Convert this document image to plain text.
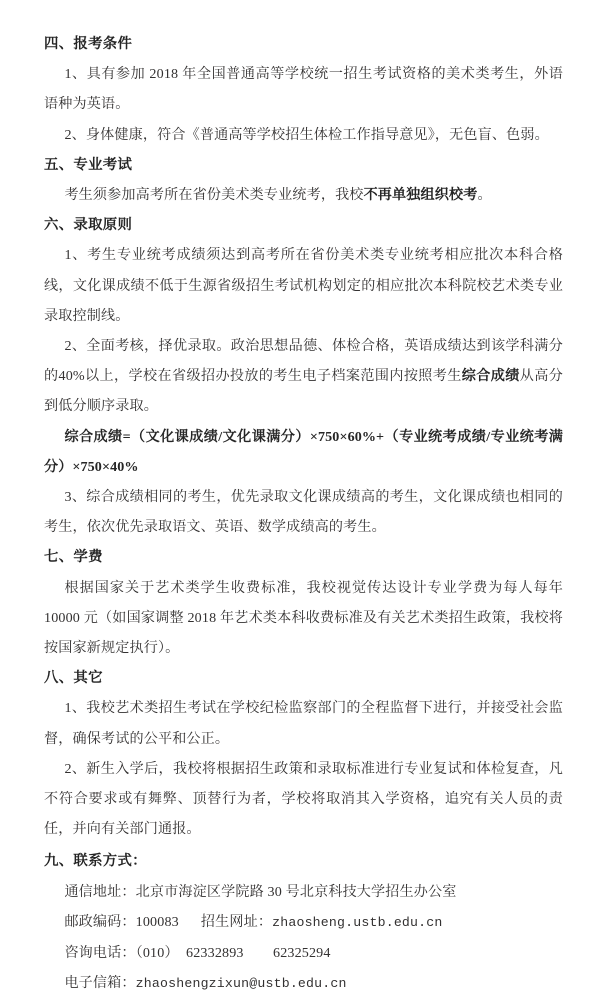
四、报考条件

1、具有参加 2018 年全国普通高等学校统一招生考试资格的美术类考生，外语语种为英语。

2、身体健康，符合《普通高等学校招生体检工作指导意见》，无色盲、色弱。

五、专业考试

考生须参加高考所在省份美术类专业统考，我校不再单独组织校考。

六、录取原则

1、考生专业统考成绩须达到高考所在省份美术类专业统考相应批次本科合格线，文化课成绩不低于生源省级招生考试机构划定的相应批次本科院校艺术类专业录取控制线。

2、全面考核，择优录取。政治思想品德、体检合格，英语成绩达到该学科满分的40%以上，学校在省级招办投放的考生电子档案范围内按照考生综合成绩从高分到低分顺序录取。

综合成绩=（文化课成绩/文化课满分）×750×60%+（专业统考成绩/专业统考满分）×750×40%

3、综合成绩相同的考生，优先录取文化课成绩高的考生，文化课成绩也相同的考生，依次优先录取语文、英语、数学成绩高的考生。

七、学费

根据国家关于艺术类学生收费标准，我校视觉传达设计专业学费为每人每年 10000 元（如国家调整 2018 年艺术类本科收费标准及有关艺术类招生政策，我校将按国家新规定执行）。

八、其它

1、我校艺术类招生考试在学校纪检监察部门的全程监督下进行，并接受社会监督，确保考试的公平和公正。

2、新生入学后，我校将根据招生政策和录取标准进行专业复试和体检复查，凡不符合要求或有舞弊、顶替行为者，学校将取消其入学资格，追究有关人员的责任，并向有关部门通报。

九、联系方式：

通信地址：北京市海淀区学院路 30 号北京科技大学招生办公室

邮政编码：100083 招生网址：zhaosheng.ustb.edu.cn

咨询电话：（010）  62332893        62325294

电子信箱：zhaoshengzixun@ustb.edu.cn
